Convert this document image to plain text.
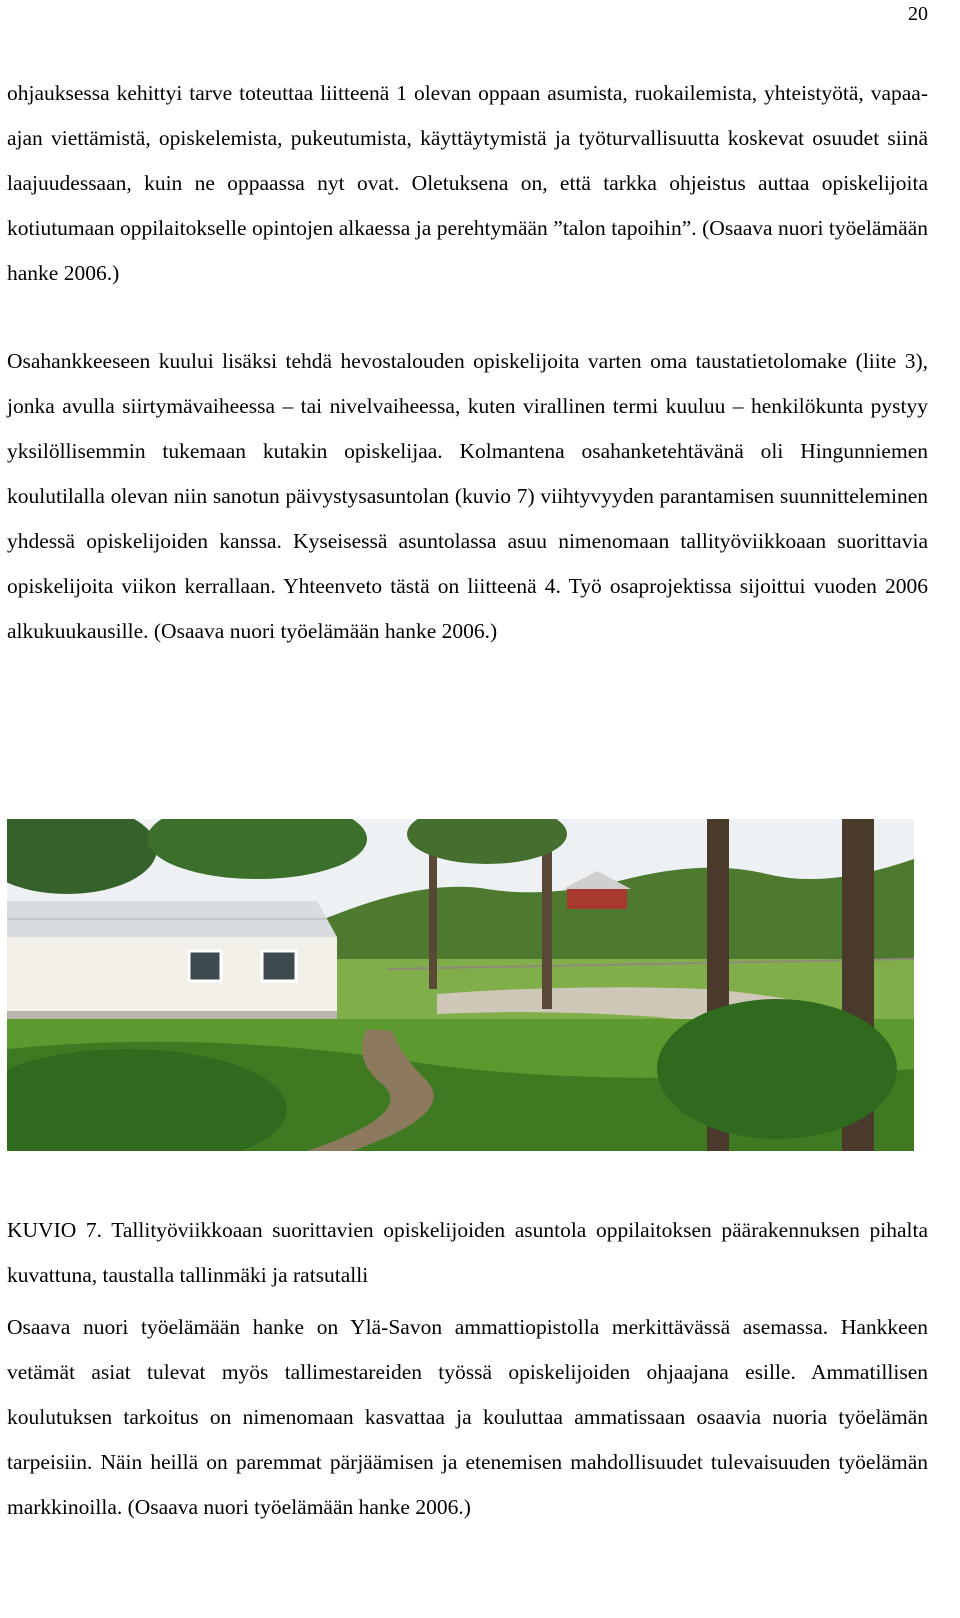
20

ohjauksessa kehittyi tarve toteuttaa liitteenä 1 olevan oppaan asumista, ruokailemista, yhteistyötä, vapaa-ajan viettämistä, opiskelemista, pukeutumista, käyttäytymistä ja työturvallisuutta koskevat osuudet siinä laajuudessaan, kuin ne oppaassa nyt ovat. Oletuksena on, että tarkka ohjeistus auttaa opiskelijoita kotiutumaan oppilaitokselle opintojen alkaessa ja perehtymään ”talon tapoihin”. (Osaava nuori työelämään hanke 2006.)

Osahankkeeseen kuului lisäksi tehdä hevostalouden opiskelijoita varten oma taustatietolomake (liite 3), jonka avulla siirtymävaiheessa – tai nivelvaiheessa, kuten virallinen termi kuuluu – henkilökunta pystyy yksilöllisemmin tukemaan kutakin opiskelijaa. Kolmantena osahanketehtävänä oli Hingunniemen koulutilalla olevan niin sanotun päivystysasuntolan (kuvio 7) viihtyvyyden parantamisen suunnitteleminen yhdessä opiskelijoiden kanssa. Kyseisessä asuntolassa asuu nimenomaan tallityöviikkoaan suorittavia opiskelijoita viikon kerrallaan. Yhteenveto tästä on liitteenä 4. Työ osaprojektissa sijoittui vuoden 2006 alkukuukausille. (Osaava nuori työelämään hanke 2006.)

KUVIO 7. Tallityöviikkoaan suorittavien opiskelijoiden asuntola oppilaitoksen päärakennuksen pihalta kuvattuna, taustalla tallinmäki ja ratsutalli

Osaava nuori työelämään hanke on Ylä-Savon ammattiopistolla merkittävässä asemassa. Hankkeen vetämät asiat tulevat myös tallimestareiden työssä opiskelijoiden ohjaajana esille. Ammatillisen koulutuksen tarkoitus on nimenomaan kasvattaa ja kouluttaa ammatissaan osaavia nuoria työelämän tarpeisiin. Näin heillä on paremmat pärjäämisen ja etenemisen mahdollisuudet tulevaisuuden työelämän markkinoilla. (Osaava nuori työelämään hanke 2006.)
